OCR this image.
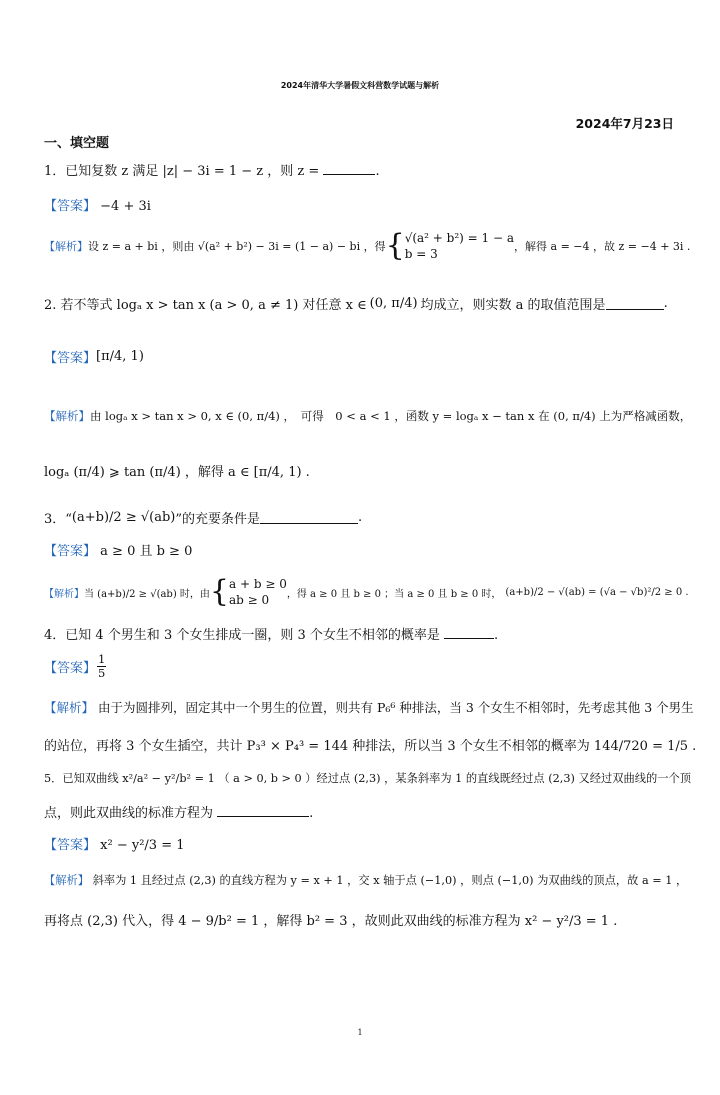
2024年清华大学暑假文科营数学试题与解析
2024年7月23日
一、填空题
1．已知复数 z 满足 |z| − 3i = 1 − z ，则 z =	.
【答案】 −4 + 3i
【解析】 设 z = a + bi ，则由 √(a² + b²) − 3i = (1 − a) − bi ，得 { √(a² + b²) = 1 − a
b = 3
，解得 a = −4 ，故 z = −4 + 3i .
2. 若不等式 logₐ x > tan x (a > 0, a ≠ 1) 对任意 x ∈ (0, π/4) 均成立，则实数 a 的取值范围是	.
【答案】 [π/4, 1)
【解析】 由 logₐ x > tan x > 0, x ∈ (0, π/4) ，　可得　0 < a < 1 ，函数 y = logₐ x − tan x 在 (0, π/4) 上为严格减函数，
logₐ (π/4) ⩾ tan (π/4) ，解得 a ∈ [π/4, 1) .
3．“ (a+b)/2 ≥ √(ab) ”的充要条件是	.
【答案】 a ≥ 0 且 b ≥ 0
【解析】 当 (a+b)/2 ≥ √(ab) 时，由 { a + b ≥ 0
ab ≥ 0	，得 a ≥ 0 且 b ≥ 0 ；当 a ≥ 0 且 b ≥ 0 时， (a+b)/2 − √(ab) = (√a − √b)²/2 ≥ 0 .
4．已知 4 个男生和 3 个女生排成一圈，则 3 个女生不相邻的概率是	.
【答案】 $\frac{1}{5}$
【解析】 由于为圆排列，固定其中一个男生的位置，则共有 P₆⁶ 种排法，当 3 个女生不相邻时，先考虑其他 3 个男生
的站位，再将 3 个女生插空，共计 P₃³ × P₄³ = 144 种排法，所以当 3 个女生不相邻的概率为 144/720 = 1/5 .
5．已知双曲线 x²/a² − y²/b² = 1 （ a > 0, b > 0 ）经过点 (2,3) ，某条斜率为 1 的直线既经过点 (2,3) 又经过双曲线的一个顶
点，则此双曲线的标准方程为	.
【答案】 x² − y²/3 = 1
【解析】 斜率为 1 且经过点 (2,3) 的直线方程为 y = x + 1 ，交 x 轴于点 (−1,0) ，则点 (−1,0) 为双曲线的顶点，故 a = 1 ，
再将点 (2,3) 代入，得 4 − 9/b² = 1 ，解得 b² = 3 ，故则此双曲线的标准方程为 x² − y²/3 = 1 .
1
